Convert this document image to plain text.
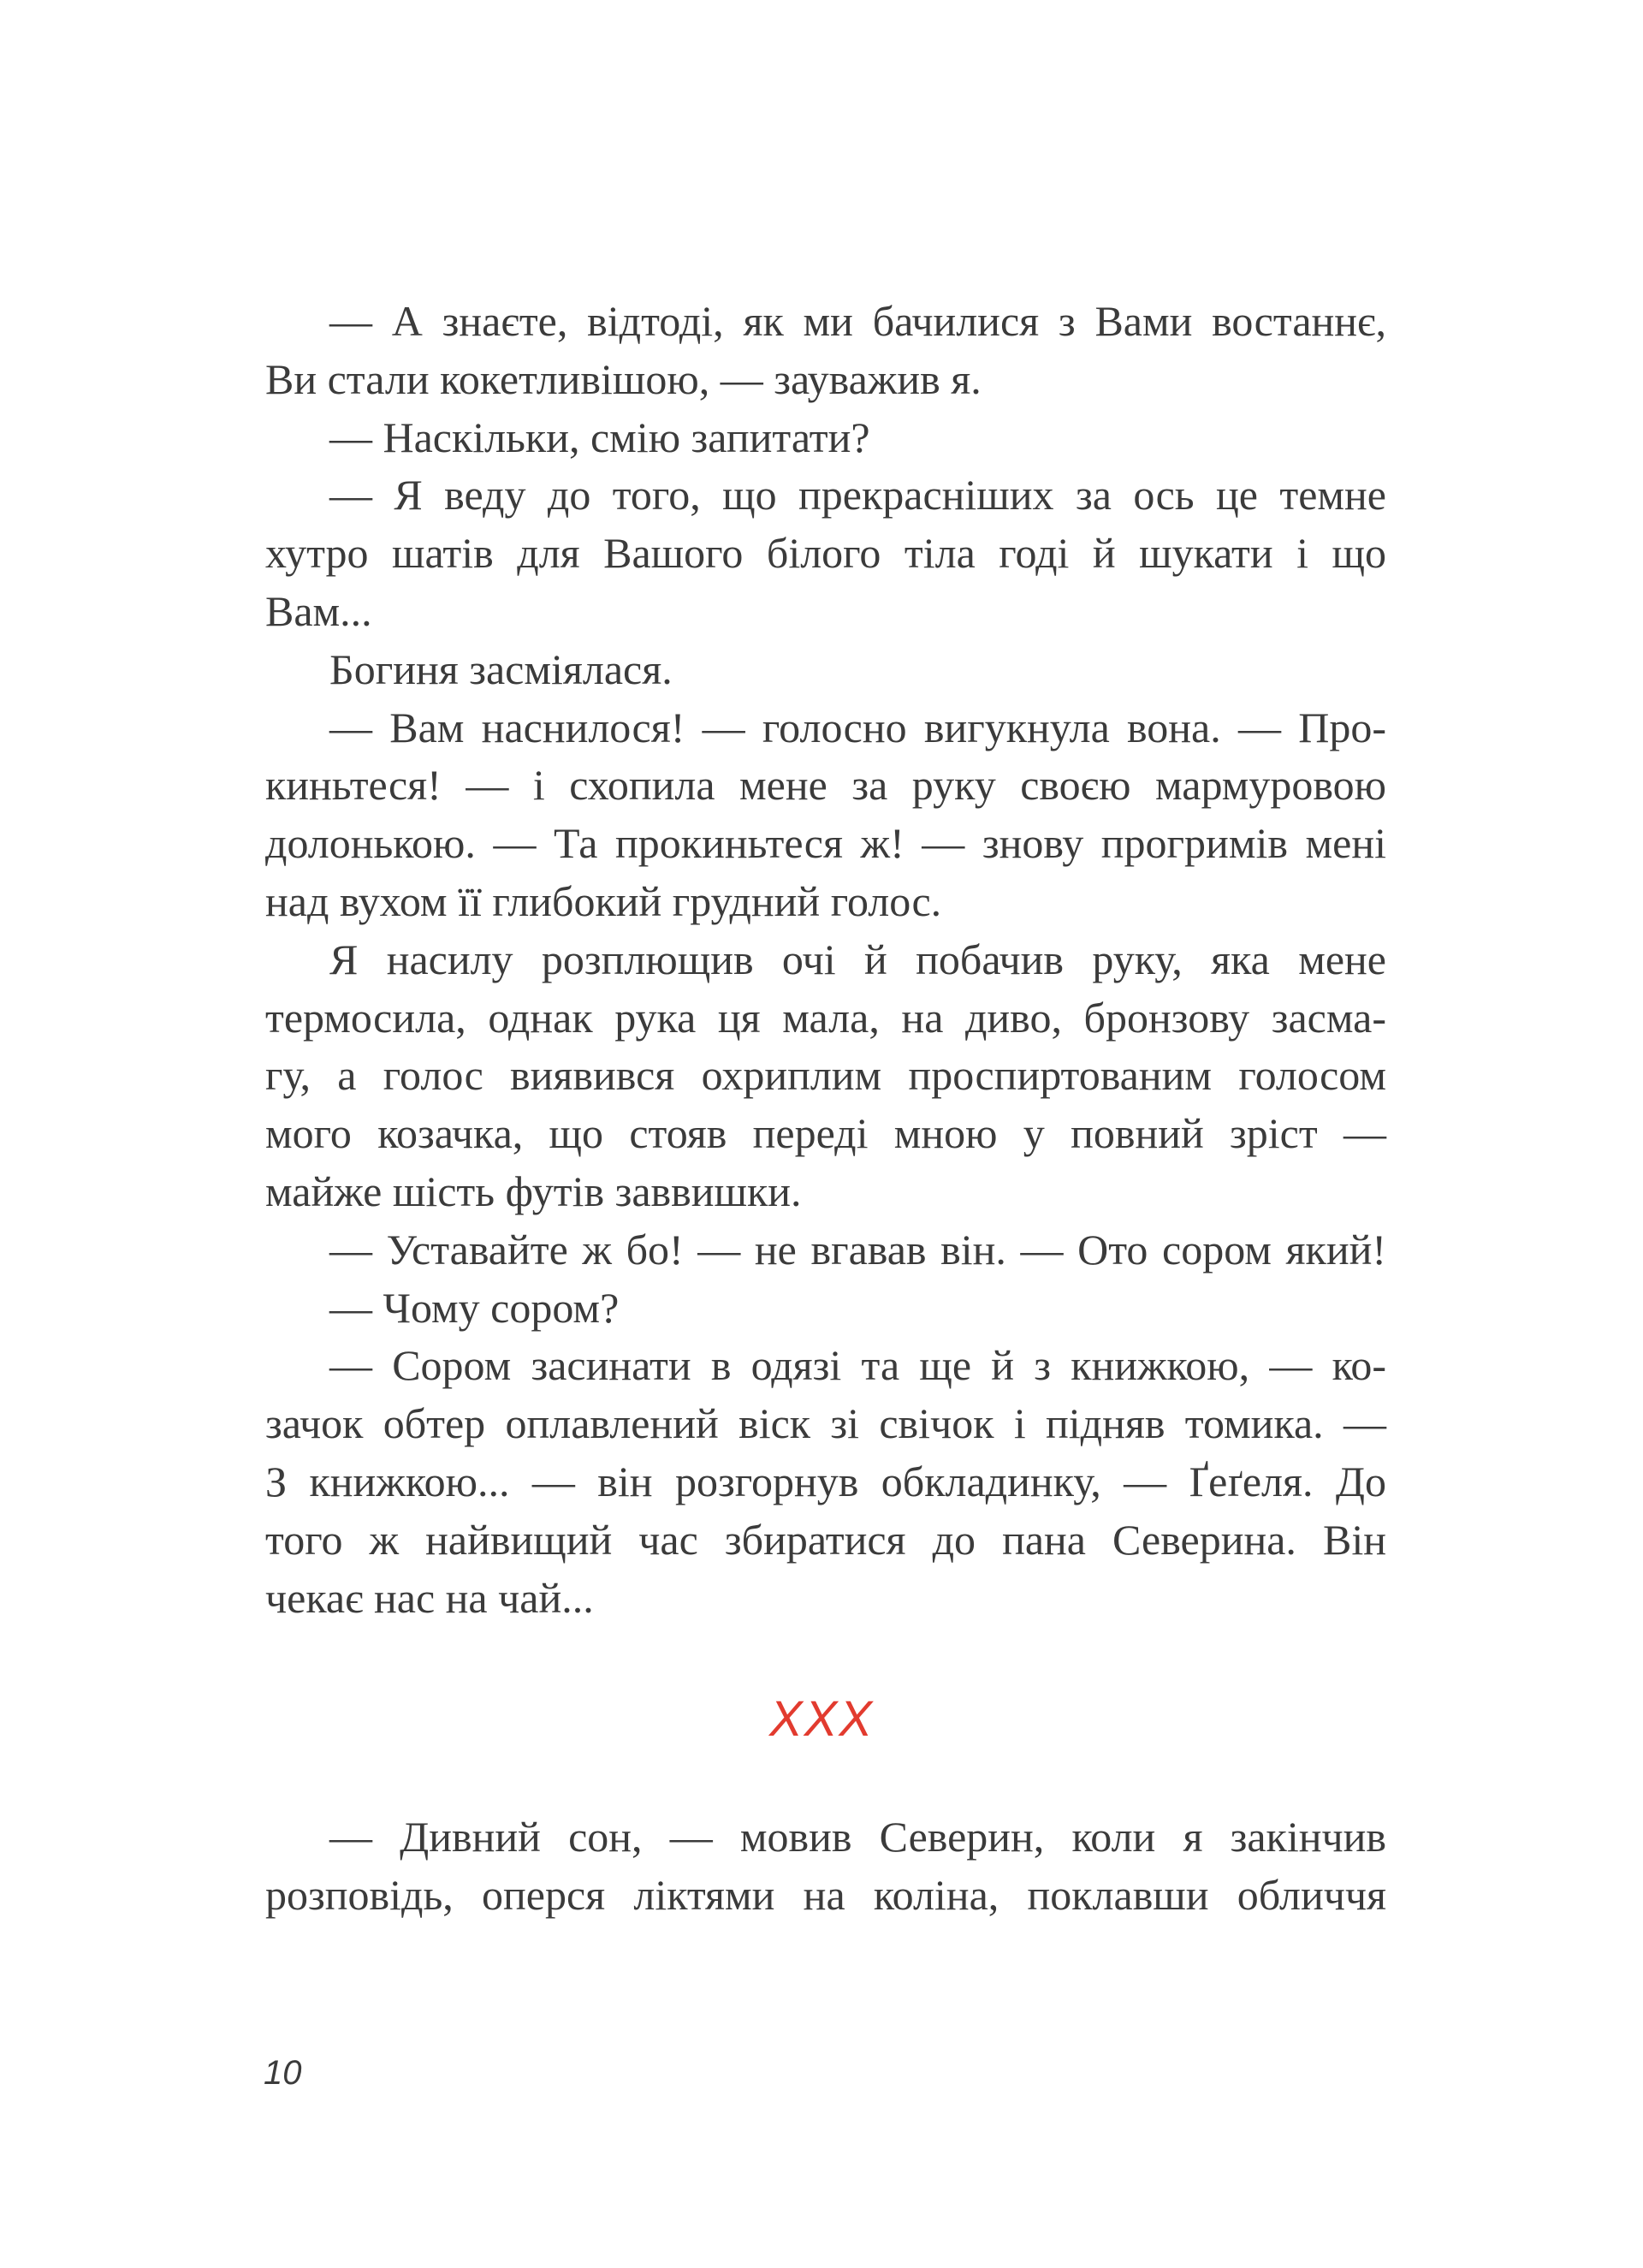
— А знаєте, відтоді, як ми бачилися з Вами востаннє,
Ви стали кокетливішою, — зауважив я.
— Наскільки, смію запитати?
— Я веду до того, що прекрасніших за ось це темне
хутро шатів для Вашого білого тіла годі й шукати і що
Вам...
Богиня засміялася.
— Вам наснилося! — голосно вигукнула вона. — Про-
киньтеся! — і схопила мене за руку своєю мармуровою
долонькою. — Та прокиньтеся ж! — знову прогримів мені
над вухом її глибокий грудний голос.
Я насилу розплющив очі й побачив руку, яка мене
термосила, однак рука ця мала, на диво, бронзову засма-
гу, а голос виявився охриплим проспиртованим голосом
мого козачка, що стояв переді мною у повний зріст —
майже шість футів заввишки.
— Уставайте ж бо! — не вгавав він. — Ото сором який!
— Чому сором?
— Сором засинати в одязі та ще й з книжкою, — ко-
зачок обтер оплавлений віск зі свічок і підняв томика. —
З книжкою... — він розгорнув обкладинку, — Ґеґеля. До
того ж найвищий час збиратися до пана Северина. Він
чекає нас на чай...
XXX
— Дивний сон, — мовив Северин, коли я закінчив
розповідь, оперся ліктями на коліна, поклавши обличчя
10
